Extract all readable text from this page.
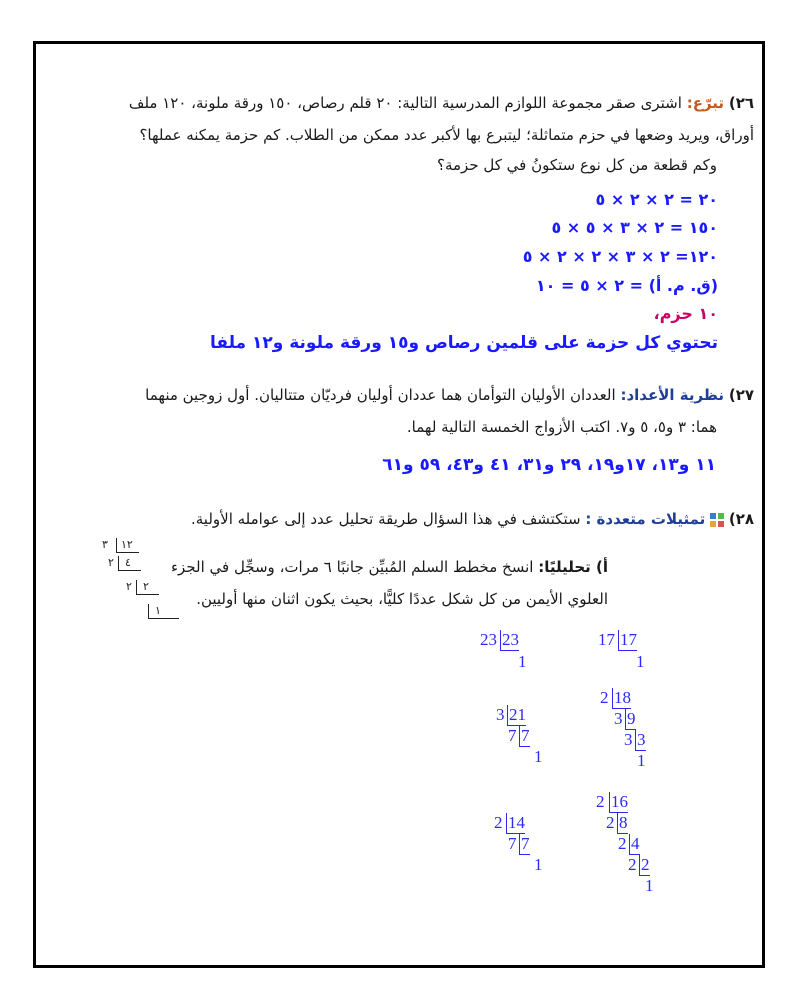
٢٦) تبرّع: اشترى صقر مجموعة اللوازم المدرسية التالية: ٢٠ قلم رصاص، ١٥٠ ورقة ملونة، ١٢٠ ملف
أوراق، ويريد وضعها في حزم متماثلة؛ ليتبرع بها لأكبر عدد ممكن من الطلاب. كم حزمة يمكنه عملها؟
وكم قطعة من كل نوع ستكونُ في كل حزمة؟
٢٠ = ٢ × ٢ × ٥
١٥٠ = ٢ × ٣ × ٥ × ٥
١٢٠= ٢ × ٣ × ٢ × ٢ × ٥
(ق. م. أ) = ٢ × ٥ = ١٠
١٠ حزم،
تحتوي كل حزمة على قلمين رصاص و١٥ ورقة ملونة و١٢ ملفا
٢٧) نظرية الأعداد: العددان الأوليان التوأمان هما عددان أوليان فرديّان متتاليان. أول زوجين منهما
هما: ٣ و٥، ٥ و٧. اكتب الأزواج الخمسة التالية لهما.
١١ و١٣، ١٧و١٩، ٢٩ و٣١، ٤١ و٤٣، ٥٩ و٦١
٢٨)  تمثيلات متعددة : ستكتشف في هذا السؤال طريقة تحليل عدد إلى عوامله الأولية.
أ) تحليليًا: انسخ مخطط السلم المُبيِّن جانبًا ٦ مرات، وسجِّل في الجزء
العلوي الأيمن من كل شكل عددًا كليًّا، بحيث يكون اثنان منها أوليين.
٣	١٢
٢	٤
٢	٢
١
17 17
1
23 23
1
2 18
3 9
3 3
1
3 21
7 7
1
2 16
2 8
2 4
2 2
1
2 14
7 7
1
